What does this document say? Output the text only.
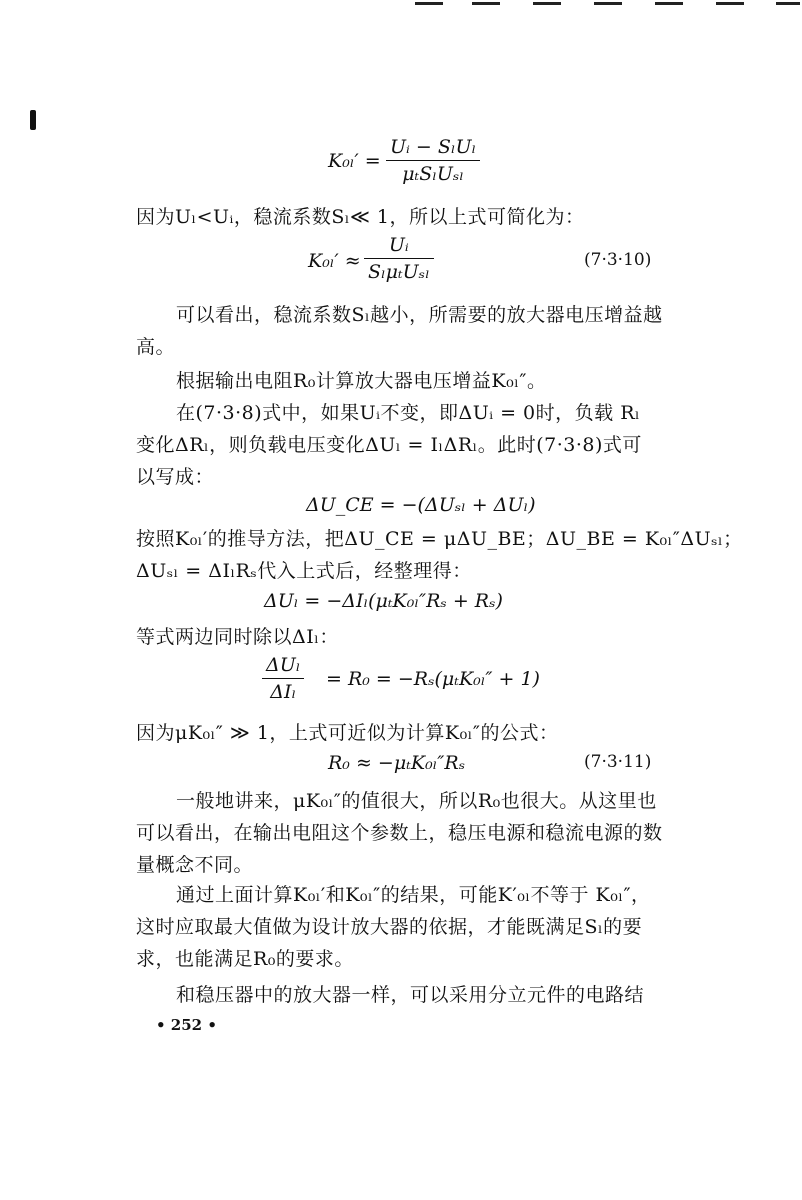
K₀ₗ′ =
Uᵢ − SₗUₗ
μₜSₗUₛₗ
因为Uₗ<Uᵢ，稳流系数Sₗ≪ 1，所以上式可简化为：
K₀ₗ′ ≈
Uᵢ
SₗμₜUₛₗ
(7·3·10)
可以看出，稳流系数Sₗ越小，所需要的放大器电压增益越
高。
根据输出电阻R₀计算放大器电压增益K₀ₗ″。
在(7·3·8)式中，如果Uᵢ不变，即ΔUᵢ = 0时，负载 Rₗ
变化ΔRₗ，则负载电压变化ΔUₗ = IₗΔRₗ。此时(7·3·8)式可
以写成：
ΔU_CE = −(ΔUₛₗ + ΔUₗ)
按照K₀ₗ′的推导方法，把ΔU_CE = μΔU_BE；ΔU_BE = K₀ₗ″ΔUₛₗ；
ΔUₛₗ = ΔIₗRₛ代入上式后，经整理得：
ΔUₗ = −ΔIₗ(μₜK₀ₗ″Rₛ + Rₛ)
等式两边同时除以ΔIₗ：
ΔUₗ
ΔIₗ
= R₀ = −Rₛ(μₜK₀ₗ″ + 1)
因为μK₀ₗ″ ≫ 1，上式可近似为计算K₀ₗ″的公式：
R₀ ≈ −μₜK₀ₗ″Rₛ	(7·3·11)
一般地讲来，μK₀ₗ″的值很大，所以R₀也很大。从这里也
可以看出，在输出电阻这个参数上，稳压电源和稳流电源的数
量概念不同。
通过上面计算K₀ₗ′和K₀ₗ″的结果，可能K′₀ₗ不等于 K₀ₗ″，
这时应取最大值做为设计放大器的依据，才能既满足Sₗ的要
求，也能满足R₀的要求。
和稳压器中的放大器一样，可以采用分立元件的电路结
• 252 •
